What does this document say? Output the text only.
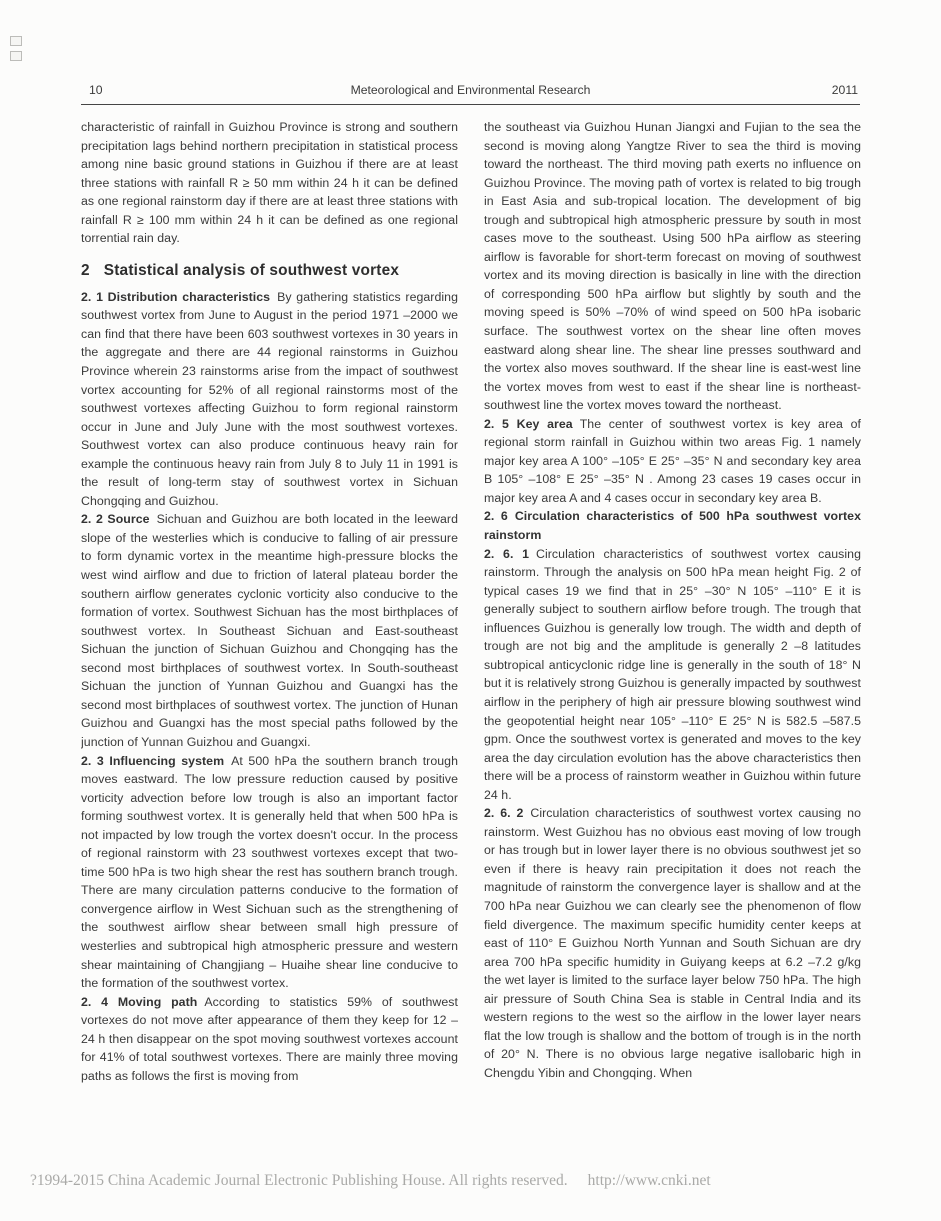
10	Meteorological and Environmental Research	2011

characteristic of rainfall in Guizhou Province is strong and southern precipitation lags behind northern precipitation in statistical process among nine basic ground stations in Guizhou if there are at least three stations with rainfall R ≥ 50 mm within 24 h it can be defined as one regional rainstorm day if there are at least three stations with rainfall R ≥ 100 mm within 24 h it can be defined as one regional torrential rain day.

2 Statistical analysis of southwest vortex

2. 1 Distribution characteristics By gathering statistics regarding southwest vortex from June to August in the period 1971 –2000 we can find that there have been 603 southwest vortexes in 30 years in the aggregate and there are 44 regional rainstorms in Guizhou Province wherein 23 rainstorms arise from the impact of southwest vortex accounting for 52% of all regional rainstorms most of the southwest vortexes affecting Guizhou to form regional rainstorm occur in June and July June with the most southwest vortexes. Southwest vortex can also produce continuous heavy rain for example the continuous heavy rain from July 8 to July 11 in 1991 is the result of long-term stay of southwest vortex in Sichuan Chongqing and Guizhou.

2. 2 Source Sichuan and Guizhou are both located in the leeward slope of the westerlies which is conducive to falling of air pressure to form dynamic vortex in the meantime high-pressure blocks the west wind airflow and due to friction of lateral plateau border the southern airflow generates cyclonic vorticity also conducive to the formation of vortex. Southwest Sichuan has the most birthplaces of southwest vortex. In Southeast Sichuan and East-southeast Sichuan the junction of Sichuan Guizhou and Chongqing has the second most birthplaces of southwest vortex. In South-southeast Sichuan the junction of Yunnan Guizhou and Guangxi has the second most birthplaces of southwest vortex. The junction of Hunan Guizhou and Guangxi has the most special paths followed by the junction of Yunnan Guizhou and Guangxi.

2. 3 Influencing system At 500 hPa the southern branch trough moves eastward. The low pressure reduction caused by positive vorticity advection before low trough is also an important factor forming southwest vortex. It is generally held that when 500 hPa is not impacted by low trough the vortex doesn't occur. In the process of regional rainstorm with 23 southwest vortexes except that two-time 500 hPa is two high shear the rest has southern branch trough. There are many circulation patterns conducive to the formation of convergence airflow in West Sichuan such as the strengthening of the southwest airflow shear between small high pressure of westerlies and subtropical high atmospheric pressure and western shear maintaining of Changjiang – Huaihe shear line conducive to the formation of the southwest vortex.

2. 4 Moving path According to statistics 59% of southwest vortexes do not move after appearance of them they keep for 12 –24 h then disappear on the spot moving southwest vortexes account for 41% of total southwest vortexes. There are mainly three moving paths as follows the first is moving from

the southeast via Guizhou Hunan Jiangxi and Fujian to the sea the second is moving along Yangtze River to sea the third is moving toward the northeast. The third moving path exerts no influence on Guizhou Province. The moving path of vortex is related to big trough in East Asia and sub-tropical location. The development of big trough and subtropical high atmospheric pressure by south in most cases move to the southeast. Using 500 hPa airflow as steering airflow is favorable for short-term forecast on moving of southwest vortex and its moving direction is basically in line with the direction of corresponding 500 hPa airflow but slightly by south and the moving speed is 50% –70% of wind speed on 500 hPa isobaric surface. The southwest vortex on the shear line often moves eastward along shear line. The shear line presses southward and the vortex also moves southward. If the shear line is east-west line the vortex moves from west to east if the shear line is northeast-southwest line the vortex moves toward the northeast.

2. 5 Key area The center of southwest vortex is key area of regional storm rainfall in Guizhou within two areas Fig. 1 namely major key area A 100° –105° E 25° –35° N and secondary key area B 105° –108° E 25° –35° N . Among 23 cases 19 cases occur in major key area A and 4 cases occur in secondary key area B.

2. 6 Circulation characteristics of 500 hPa southwest vortex rainstorm

2. 6. 1 Circulation characteristics of southwest vortex causing rainstorm. Through the analysis on 500 hPa mean height Fig. 2 of typical cases 19 we find that in 25° –30° N 105° –110° E it is generally subject to southern airflow before trough. The trough that influences Guizhou is generally low trough. The width and depth of trough are not big and the amplitude is generally 2 –8 latitudes subtropical anticyclonic ridge line is generally in the south of 18° N but it is relatively strong Guizhou is generally impacted by southwest airflow in the periphery of high air pressure blowing southwest wind the geopotential height near 105° –110° E 25° N is 582.5 –587.5 gpm. Once the southwest vortex is generated and moves to the key area the day circulation evolution has the above characteristics then there will be a process of rainstorm weather in Guizhou within future 24 h.

2. 6. 2 Circulation characteristics of southwest vortex causing no rainstorm. West Guizhou has no obvious east moving of low trough or has trough but in lower layer there is no obvious southwest jet so even if there is heavy rain precipitation it does not reach the magnitude of rainstorm the convergence layer is shallow and at the 700 hPa near Guizhou we can clearly see the phenomenon of flow field divergence. The maximum specific humidity center keeps at east of 110° E Guizhou North Yunnan and South Sichuan are dry area 700 hPa specific humidity in Guiyang keeps at 6.2 –7.2 g/kg the wet layer is limited to the surface layer below 750 hPa. The high air pressure of South China Sea is stable in Central India and its western regions to the west so the airflow in the lower layer nears flat the low trough is shallow and the bottom of trough is in the north of 20° N. There is no obvious large negative isallobaric high in Chengdu Yibin and Chongqing. When

?1994-2015 China Academic Journal Electronic Publishing House. All rights reserved. http://www.cnki.net
